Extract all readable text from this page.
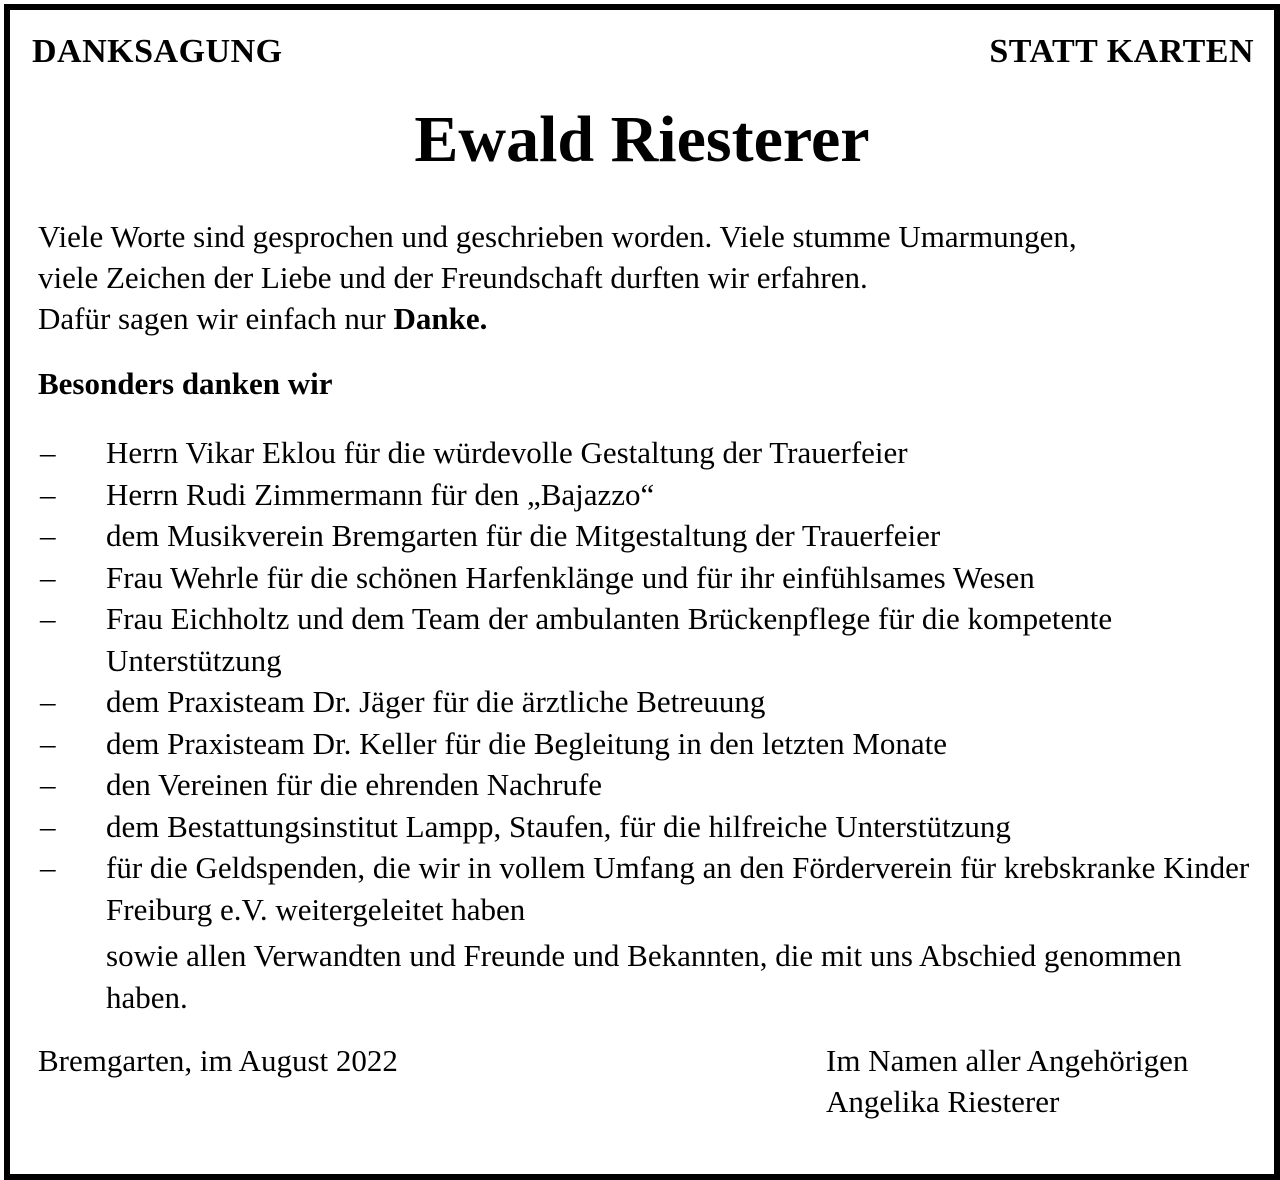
DANKSAGUNG	STATT KARTEN
Ewald Riesterer

Viele Worte sind gesprochen und geschrieben worden. Viele stumme Umarmungen,

viele Zeichen der Liebe und der Freundschaft durften wir erfahren.

Dafür sagen wir einfach nur Danke.

Besonders danken wir
–	Herrn Vikar Eklou für die würdevolle Gestaltung der Trauerfeier
–	Herrn Rudi Zimmermann für den „Bajazzo“
–	dem Musikverein Bremgarten für die Mitgestaltung der Trauerfeier
–	Frau Wehrle für die schönen Harfenklänge und für ihr einfühlsames Wesen
–	Frau Eichholtz und dem Team der ambulanten Brückenpflege für die kompetente Unterstützung
–	dem Praxisteam Dr. Jäger für die ärztliche Betreuung
–	dem Praxisteam Dr. Keller für die Begleitung in den letzten Monate
–	den Vereinen für die ehrenden Nachrufe
–	dem Bestattungsinstitut Lampp, Staufen, für die hilfreiche Unterstützung
–	für die Geldspenden, die wir in vollem Umfang an den Förderverein für krebskranke Kinder Freiburg e.V. weitergeleitet haben
sowie allen Verwandten und Freunde und Bekannten, die mit uns Abschied genommen haben.
Bremgarten, im August 2022	Im Namen aller Angehörigen
Angelika Riesterer
